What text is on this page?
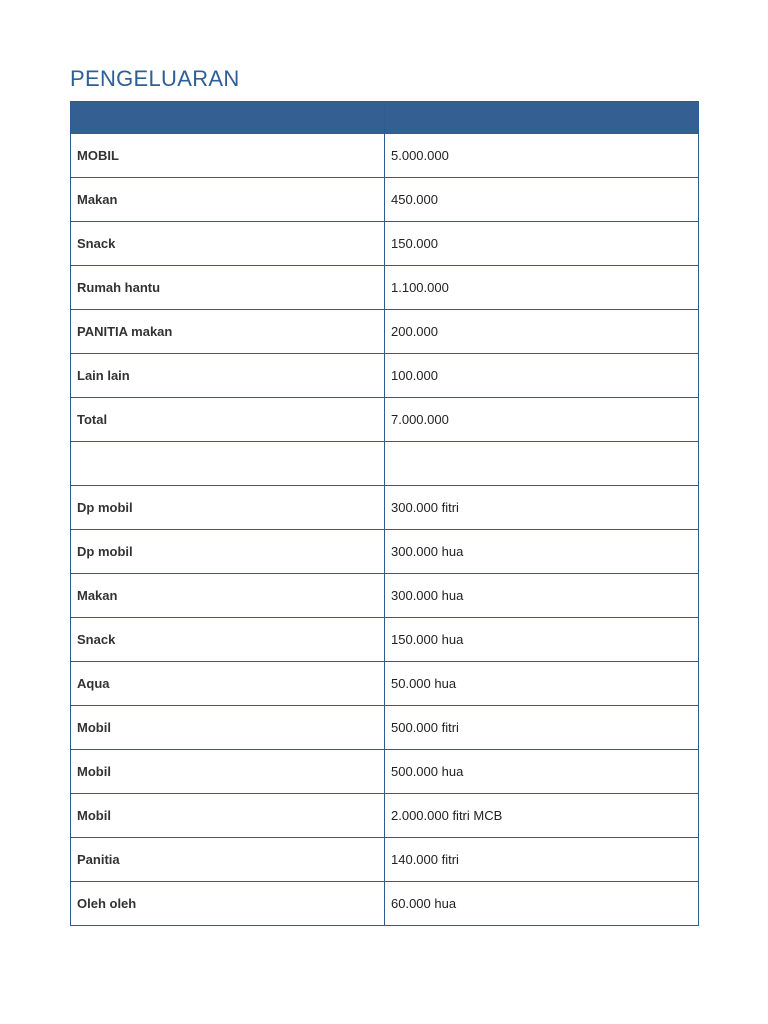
PENGELUARAN

MOBIL	5.000.000
Makan	450.000
Snack	150.000
Rumah hantu	1.100.000
PANITIA makan	200.000
Lain lain	100.000
Total	7.000.000

Dp mobil	300.000 fitri
Dp mobil	300.000 hua
Makan	300.000 hua
Snack	150.000 hua
Aqua	50.000 hua
Mobil	500.000 fitri
Mobil	500.000 hua
Mobil	2.000.000 fitri MCB
Panitia	140.000 fitri
Oleh oleh	60.000 hua
